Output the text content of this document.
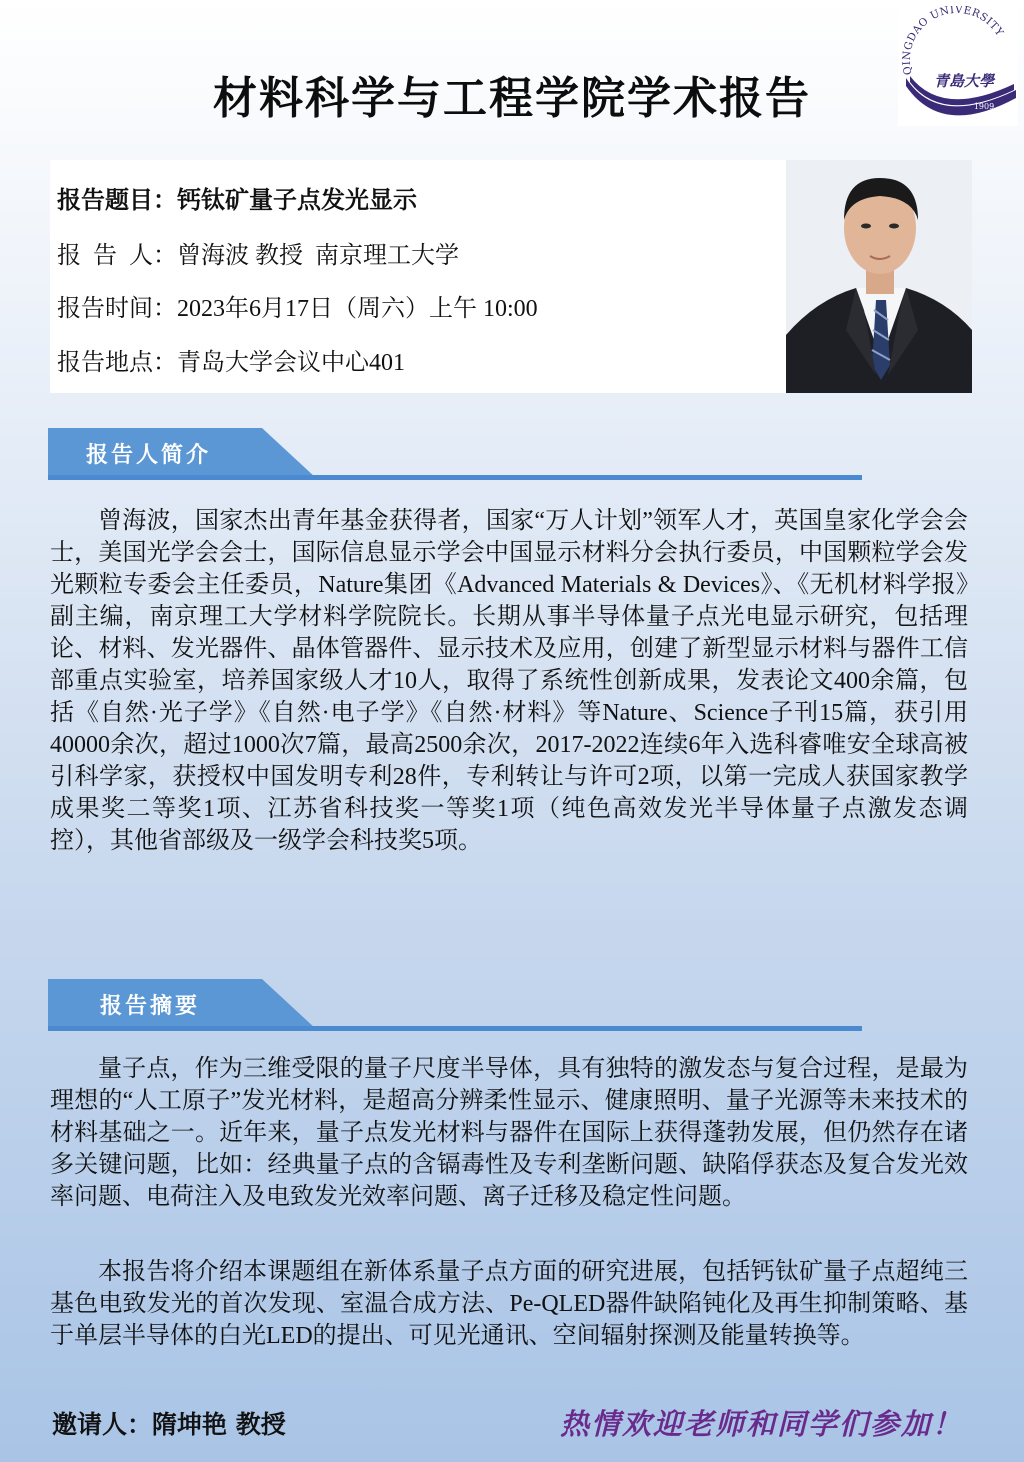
QINGDAO UNIVERSITY
青島大學
1909
材料科学与工程学院学术报告
报告题目：钙钛矿量子点发光显示
报  告  人：曾海波 教授  南京理工大学
报告时间：2023年6月17日（周六）上午 10:00
报告地点：青岛大学会议中心401
报告人简介

曾海波，国家杰出青年基金获得者，国家“万人计划”领军人才，英国皇家化学会会士，美国光学会会士，国际信息显示学会中国显示材料分会执行委员，中国颗粒学会发光颗粒专委会主任委员，Nature集团《Advanced Materials & Devices》、《无机材料学报》副主编，南京理工大学材料学院院长。长期从事半导体量子点光电显示研究，包括理论、材料、发光器件、晶体管器件、显示技术及应用，创建了新型显示材料与器件工信部重点实验室，培养国家级人才10人，取得了系统性创新成果，发表论文400余篇，包括《自然·光子学》《自然·电子学》《自然·材料》等Nature、Science子刊15篇，获引用40000余次，超过1000次7篇，最高2500余次，2017-2022连续6年入选科睿唯安全球高被引科学家，获授权中国发明专利28件，专利转让与许可2项，以第一完成人获国家教学成果奖二等奖1项、江苏省科技奖一等奖1项（纯色高效发光半导体量子点激发态调控），其他省部级及一级学会科技奖5项。

报告摘要

量子点，作为三维受限的量子尺度半导体，具有独特的激发态与复合过程，是最为理想的“人工原子”发光材料，是超高分辨柔性显示、健康照明、量子光源等未来技术的材料基础之一。近年来，量子点发光材料与器件在国际上获得蓬勃发展，但仍然存在诸多关键问题，比如：经典量子点的含镉毒性及专利垄断问题、缺陷俘获态及复合发光效率问题、电荷注入及电致发光效率问题、离子迁移及稳定性问题。

本报告将介绍本课题组在新体系量子点方面的研究进展，包括钙钛矿量子点超纯三基色电致发光的首次发现、室温合成方法、Pe-QLED器件缺陷钝化及再生抑制策略、基于单层半导体的白光LED的提出、可见光通讯、空间辐射探测及能量转换等。

邀请人：隋坤艳 教授	热情欢迎老师和同学们参加！
